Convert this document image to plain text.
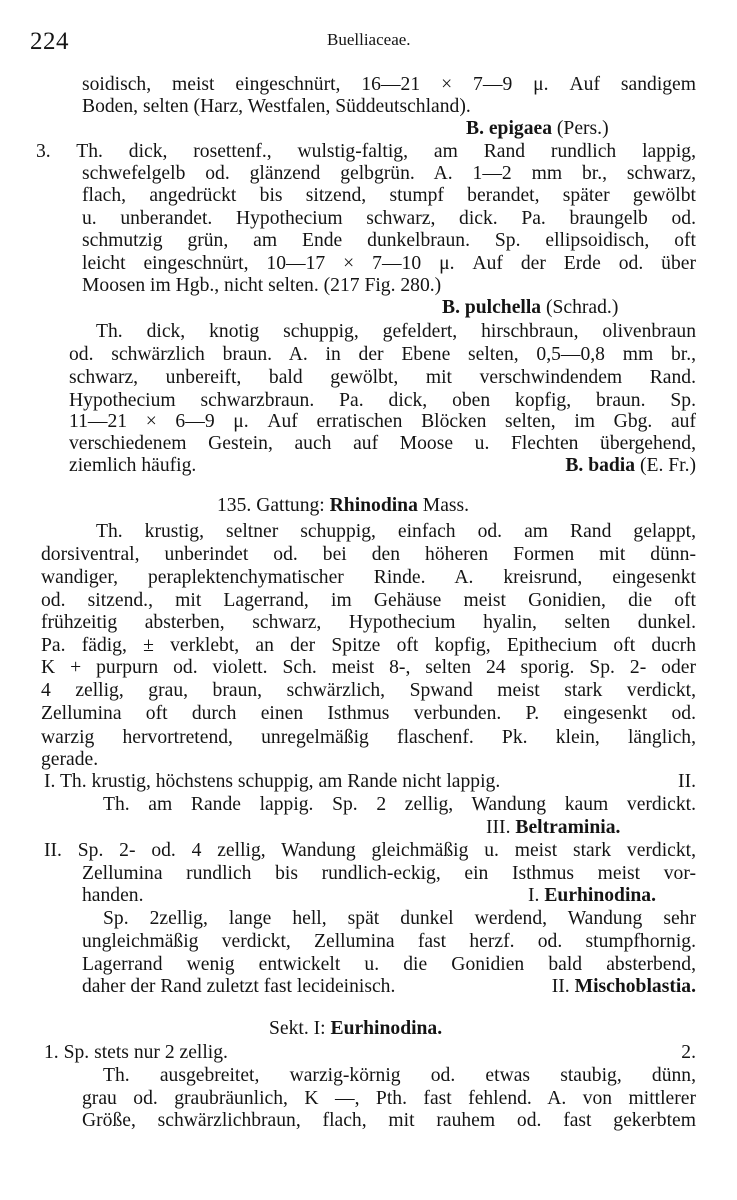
224	Buelliaceae.
soidisch, meist eingeschnürt, 16—21 × 7—9 μ. Auf sandigem
Boden, selten (Harz, Westfalen, Süddeutschland).
B. epigaea (Pers.)
3. Th. dick, rosettenf., wulstig-faltig, am Rand rundlich lappig,
schwefelgelb od. glänzend gelbgrün. A. 1—2 mm br., schwarz,
flach, angedrückt bis sitzend, stumpf berandet, später gewölbt
u. unberandet. Hypothecium schwarz, dick. Pa. braungelb od.
schmutzig grün, am Ende dunkelbraun. Sp. ellipsoidisch, oft
leicht eingeschnürt, 10—17 × 7—10 μ. Auf der Erde od. über
Moosen im Hgb., nicht selten. (217 Fig. 280.)
B. pulchella (Schrad.)
Th. dick, knotig schuppig, gefeldert, hirschbraun, olivenbraun
od. schwärzlich braun. A. in der Ebene selten, 0,5—0,8 mm br.,
schwarz, unbereift, bald gewölbt, mit verschwindendem Rand.
Hypothecium schwarzbraun. Pa. dick, oben kopfig, braun. Sp.
11—21 × 6—9 μ. Auf erratischen Blöcken selten, im Gbg. auf
verschiedenem Gestein, auch auf Moose u. Flechten übergehend,
ziemlich häufig.	B. badia (E. Fr.)
135. Gattung: Rhinodina Mass.
Th. krustig, seltner schuppig, einfach od. am Rand gelappt,
dorsiventral, unberindet od. bei den höheren Formen mit dünn-
wandiger, peraplektenchymatischer Rinde. A. kreisrund, eingesenkt
od. sitzend., mit Lagerrand, im Gehäuse meist Gonidien, die oft
frühzeitig absterben, schwarz, Hypothecium hyalin, selten dunkel.
Pa. fädig, ± verklebt, an der Spitze oft kopfig, Epithecium oft ducrh
K + purpurn od. violett. Sch. meist 8-, selten 24 sporig. Sp. 2- oder
4 zellig, grau, braun, schwärzlich, Spwand meist stark verdickt,
Zellumina oft durch einen Isthmus verbunden. P. eingesenkt od.
warzig hervortretend, unregelmäßig flaschenf. Pk. klein, länglich,
gerade.
I. Th. krustig, höchstens schuppig, am Rande nicht lappig.	II.
Th. am Rande lappig. Sp. 2 zellig, Wandung kaum verdickt.
III. Beltraminia.
II. Sp. 2- od. 4 zellig, Wandung gleichmäßig u. meist stark verdickt,
Zellumina rundlich bis rundlich-eckig, ein Isthmus meist vor-
handen.	I. Eurhinodina.
Sp. 2zellig, lange hell, spät dunkel werdend, Wandung sehr
ungleichmäßig verdickt, Zellumina fast herzf. od. stumpfhornig.
Lagerrand wenig entwickelt u. die Gonidien bald absterbend,
daher der Rand zuletzt fast lecideinisch.	II. Mischoblastia.
Sekt. I: Eurhinodina.
1. Sp. stets nur 2 zellig.	2.
Th. ausgebreitet, warzig-körnig od. etwas staubig, dünn,
grau od. graubräunlich, K —, Pth. fast fehlend. A. von mittlerer
Größe, schwärzlichbraun, flach, mit rauhem od. fast gekerbtem
